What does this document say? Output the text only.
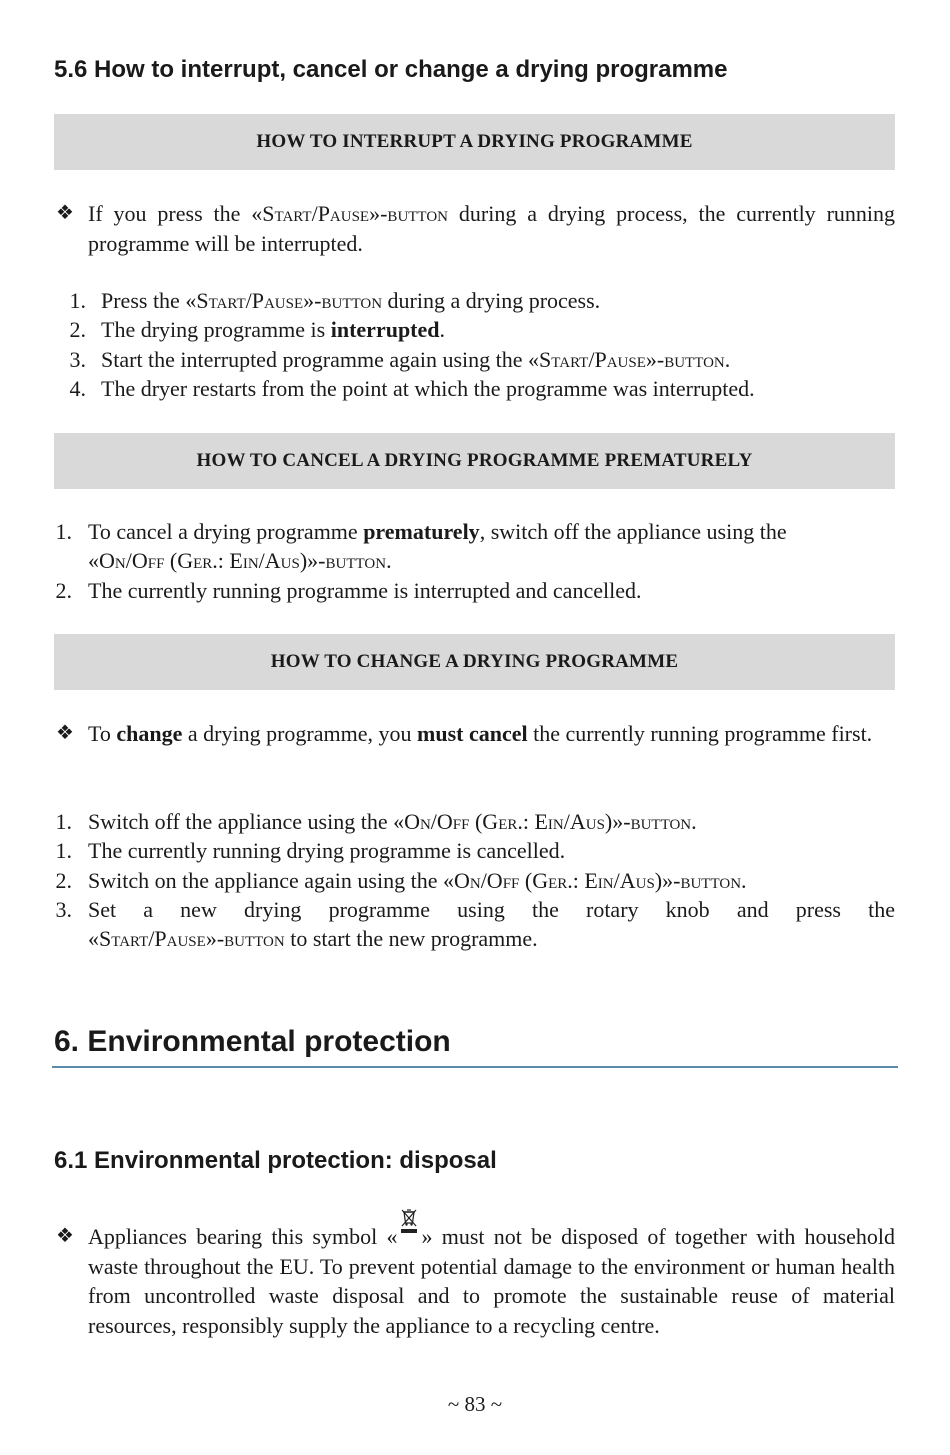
5.6 How to interrupt, cancel or change a drying programme
HOW TO INTERRUPT A DRYING PROGRAMME
❖ If you press the «Start/Pause»-button during a drying process, the currently running programme will be interrupted.

1. Press the «Start/Pause»-button during a drying process.

2. The drying programme is interrupted.

3. Start the interrupted programme again using the «Start/Pause»-button.

4. The dryer restarts from the point at which the programme was interrupted.

HOW TO CANCEL A DRYING PROGRAMME PREMATURELY
1. To cancel a drying programme prematurely, switch off the appliance using the

«On/Off (Ger.: Ein/Aus)»-button.

2. The currently running programme is interrupted and cancelled.

HOW TO CHANGE A DRYING PROGRAMME
❖ To change a drying programme, you must cancel the currently running programme first.

1. Switch off the appliance using the «On/Off (Ger.: Ein/Aus)»-button.

1. The currently running drying programme is cancelled.

2. Switch on the appliance again using the «On/Off (Ger.: Ein/Aus)»-button.

3. Set a new drying programme using the rotary knob and press the

«Start/Pause»-button to start the new programme.

6. Environmental protection
6.1 Environmental protection: disposal
❖ Appliances bearing this symbol « » must not be disposed of together with household waste throughout the EU. To prevent potential damage to the environment or human health from uncontrolled waste disposal and to promote the sustainable reuse of material resources, responsibly supply the appliance to a recycling centre.

~ 83 ~
